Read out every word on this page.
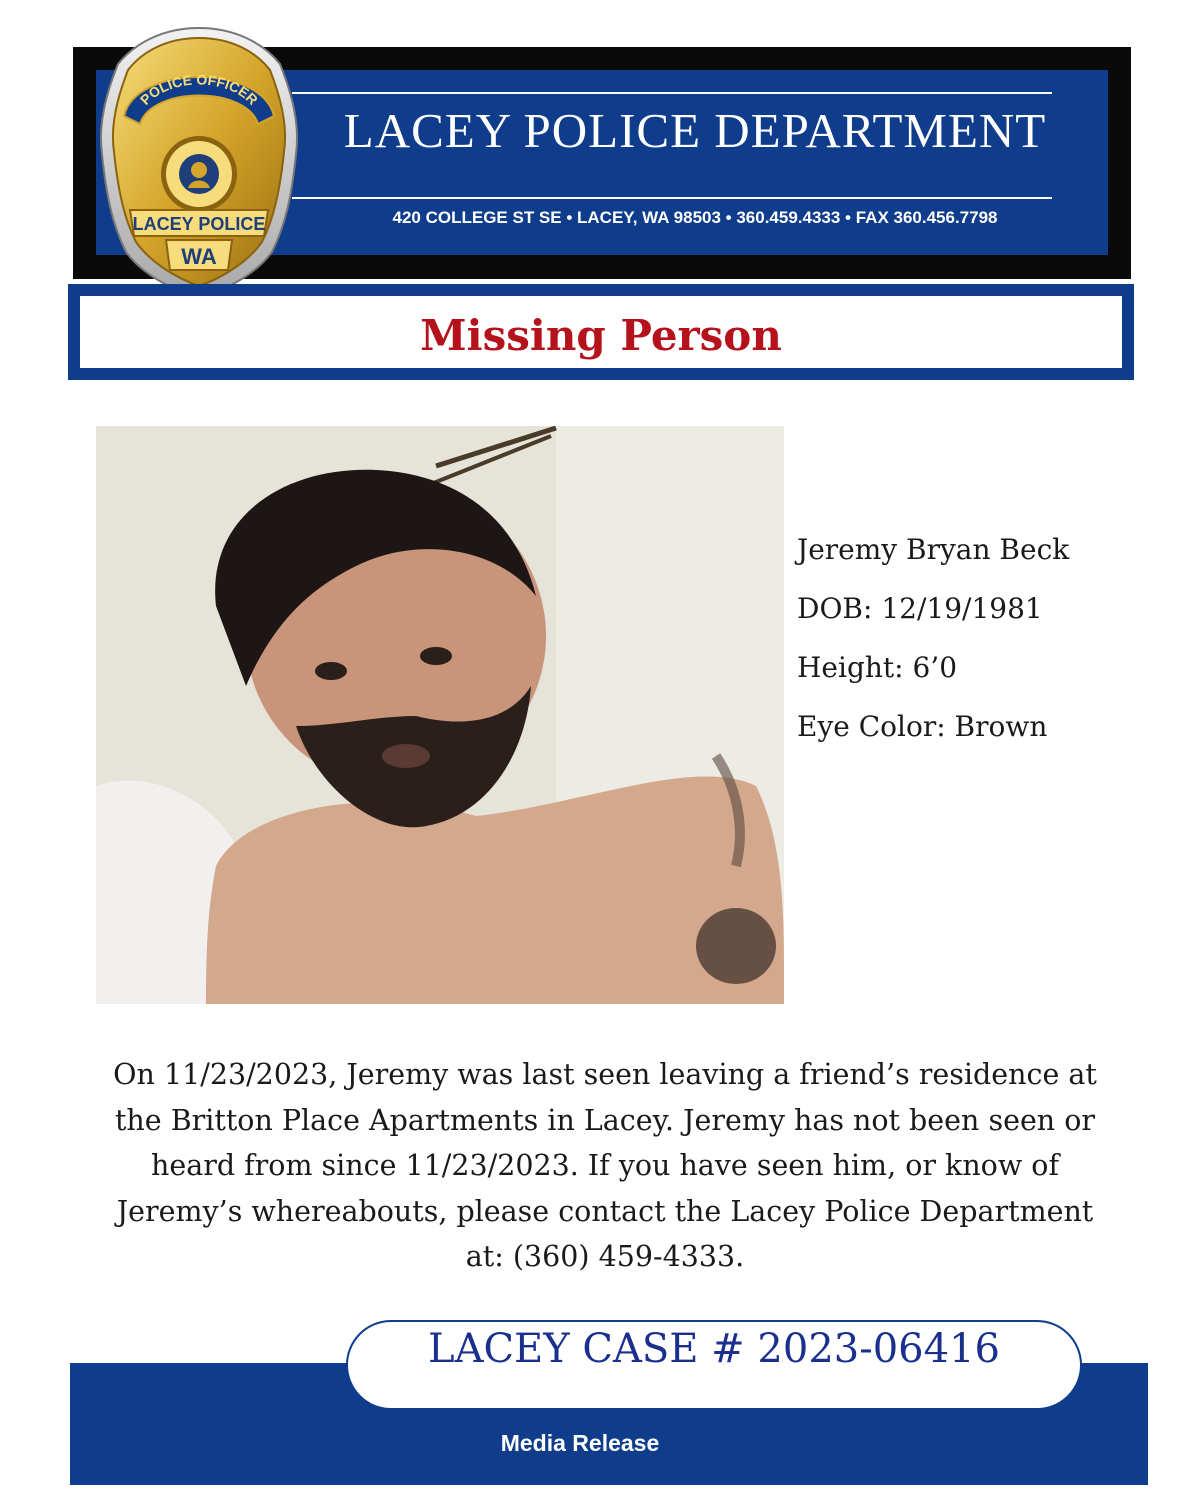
LACEY POLICE DEPARTMENT
420 COLLEGE ST SE • LACEY, WA 98503 • 360.459.4333 • FAX 360.456.7798
POLICE OFFICER
LACEY POLICE
WA
Missing Person
Jeremy Bryan Beck
DOB: 12/19/1981
Height: 6’0
Eye Color: Brown
On 11/23/2023, Jeremy was last seen leaving a friend’s residence at the Britton Place Apartments in Lacey. Jeremy has not been seen or heard from since 11/23/2023. If you have seen him, or know of Jeremy’s whereabouts, please contact the Lacey Police Department at: (360) 459-4333.
LACEY CASE # 2023-06416
Media Release
